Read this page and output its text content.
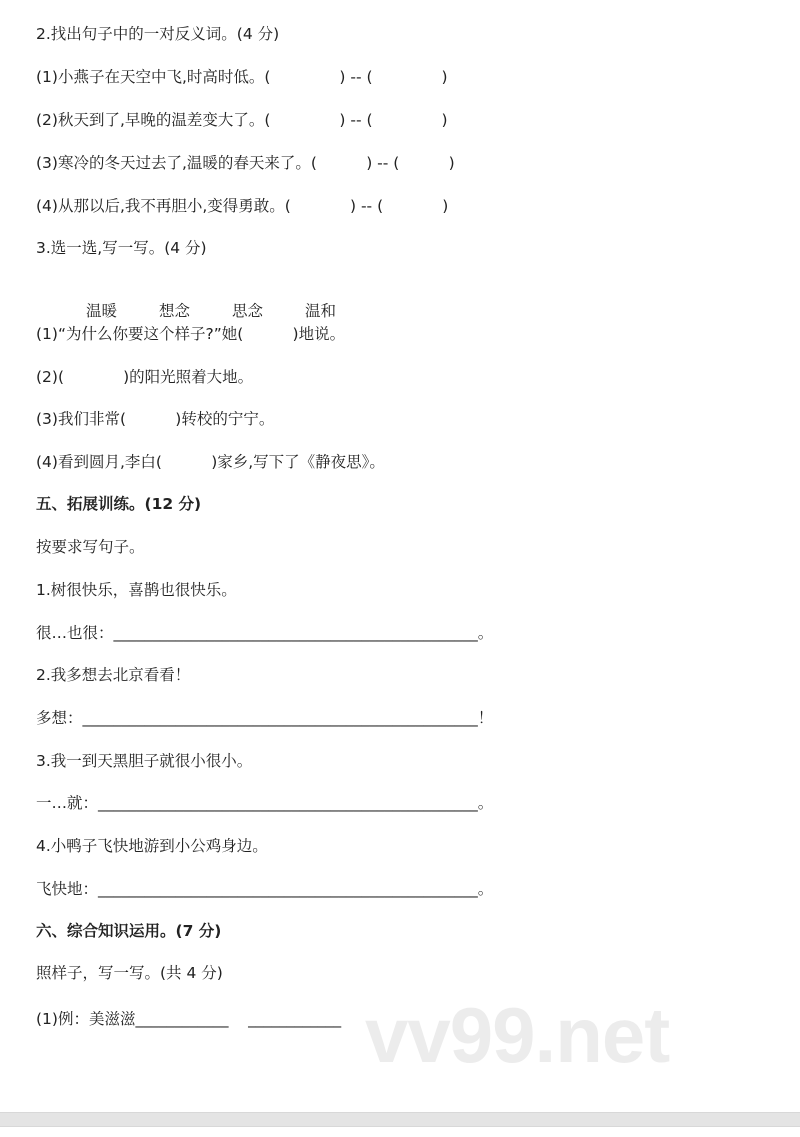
2.找出句子中的一对反义词。(4 分)
(1)小燕子在天空中飞,时高时低。(              ) -- (              )
(2)秋天到了,早晚的温差变大了。(              ) -- (              )
(3)寒冷的冬天过去了,温暖的春天来了。(          ) -- (          )
(4)从那以后,我不再胆小,变得勇敢。(            ) -- (            )
3.选一选,写一写。(4 分)

温暖	想念	思念	温和

(1)“为什么你要这个样子?”她(          )地说。
(2)(            )的阳光照着大地。
(3)我们非常(          )转校的宁宁。
(4)看到圆月,李白(          )家乡,写下了《静夜思》。
五、拓展训练。(12 分)
按要求写句子。
1.树很快乐，喜鹊也很快乐。
很…也很：_______________________________________________。
2.我多想去北京看看！
多想：___________________________________________________！
3.我一到天黑胆子就很小很小。
一…就：_________________________________________________。
4.小鸭子飞快地游到小公鸡身边。
飞快地：_________________________________________________。
六、综合知识运用。(7 分)
照样子，写一写。(共 4 分)
(1)例：美滋滋____________    ____________ vv99.net
